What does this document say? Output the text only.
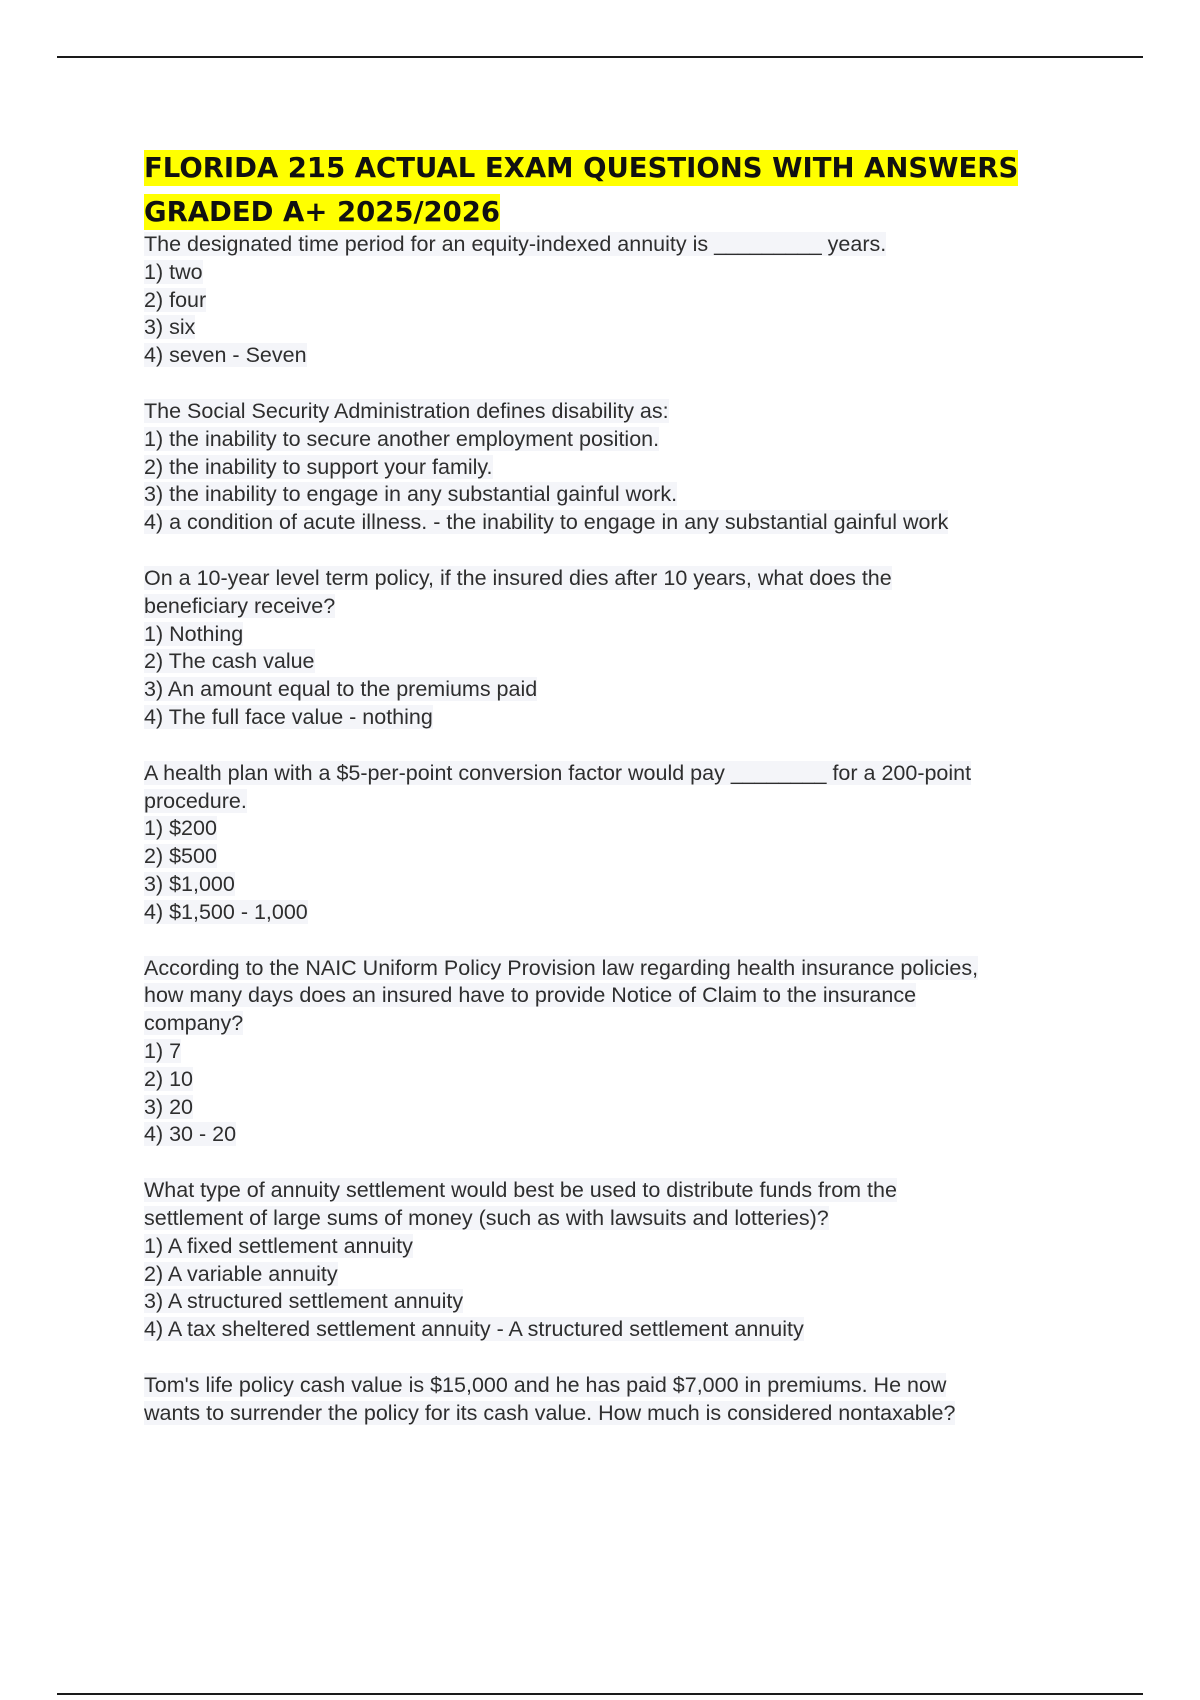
FLORIDA 215 ACTUAL EXAM QUESTIONS WITH ANSWERS
GRADED A+ 2025/2026
The designated time period for an equity-indexed annuity is _________ years.
1) two
2) four
3) six
4) seven - Seven
The Social Security Administration defines disability as:
1) the inability to secure another employment position.
2) the inability to support your family.
3) the inability to engage in any substantial gainful work.
4) a condition of acute illness. - the inability to engage in any substantial gainful work
On a 10-year level term policy, if the insured dies after 10 years, what does the
beneficiary receive?
1) Nothing
2) The cash value
3) An amount equal to the premiums paid
4) The full face value - nothing
A health plan with a $5-per-point conversion factor would pay ________ for a 200-point
procedure.
1) $200
2) $500
3) $1,000
4) $1,500 - 1,000
According to the NAIC Uniform Policy Provision law regarding health insurance policies,
how many days does an insured have to provide Notice of Claim to the insurance
company?
1) 7
2) 10
3) 20
4) 30 - 20
What type of annuity settlement would best be used to distribute funds from the
settlement of large sums of money (such as with lawsuits and lotteries)?
1) A fixed settlement annuity
2) A variable annuity
3) A structured settlement annuity
4) A tax sheltered settlement annuity - A structured settlement annuity
Tom's life policy cash value is $15,000 and he has paid $7,000 in premiums. He now
wants to surrender the policy for its cash value. How much is considered nontaxable?
